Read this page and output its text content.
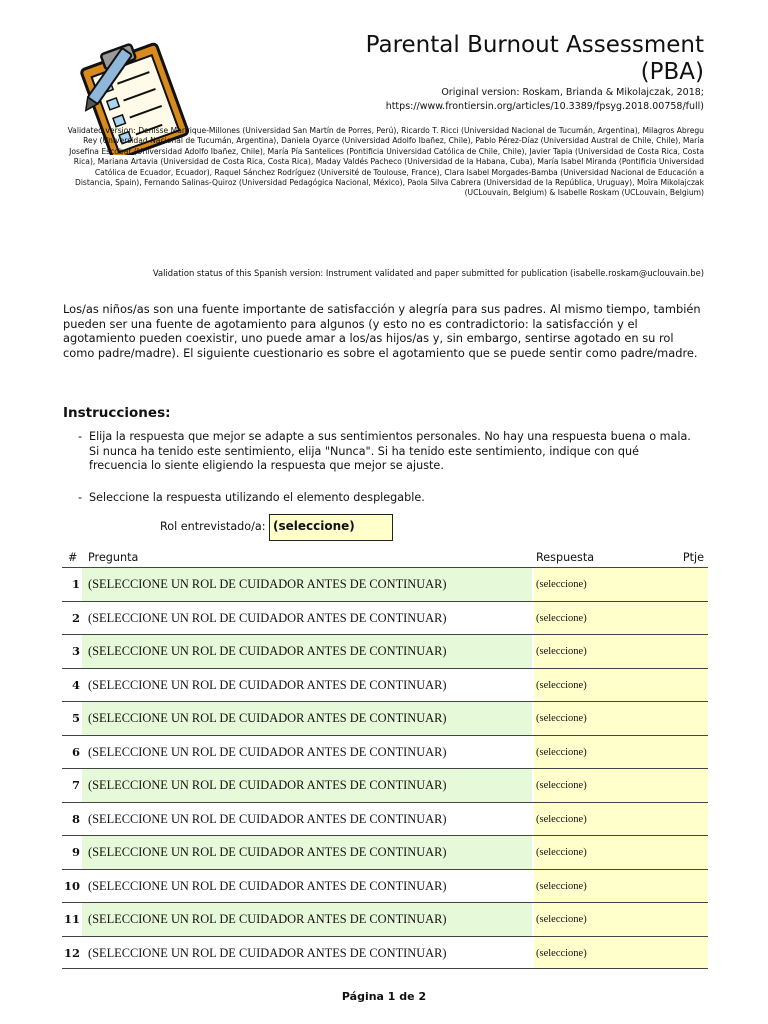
Parental Burnout Assessment
(PBA)
Original version: Roskam, Brianda & Mikolajczak, 2018;
https://www.frontiersin.org/articles/10.3389/fpsyg.2018.00758/full)
Validated version: Denisse Manrique-Millones (Universidad San Martín de Porres, Perú), Ricardo T. Ricci (Universidad Nacional de Tucumán, Argentina), Milagros Abregu Rey (Universidad Nacional de Tucumán, Argentina), Daniela Oyarce (Universidad Adolfo Ibañez, Chile), Pablo Pérez-Díaz (Universidad Austral de Chile, Chile), María Josefina Escobar (Universidad Adolfo Ibañez, Chile), María Pía Santelices (Pontificia Universidad Católica de Chile, Chile), Javier Tapia (Universidad de Costa Rica, Costa Rica), Mariana Artavia (Universidad de Costa Rica, Costa Rica), Maday Valdés Pacheco (Universidad de la Habana, Cuba), María Isabel Miranda (Pontificia Universidad Católica de Ecuador, Ecuador), Raquel Sánchez Rodríguez (Université de Toulouse, France), Clara Isabel Morgades-Bamba (Universidad Nacional de Educación a Distancia, Spain), Fernando Salinas-Quiroz (Universidad Pedagógica Nacional, México), Paola Silva Cabrera (Universidad de la República, Uruguay), Moïra Mikolajczak (UCLouvain, Belgium) & Isabelle Roskam (UCLouvain, Belgium)
Validation status of this Spanish version: Instrument validated and paper submitted for publication (isabelle.roskam@uclouvain.be)
Los/as niños/as son una fuente importante de satisfacción y alegría para sus padres. Al mismo tiempo, también pueden ser una fuente de agotamiento para algunos (y esto no es contradictorio: la satisfacción y el agotamiento pueden coexistir, uno puede amar a los/as hijos/as y, sin embargo, sentirse agotado en su rol como padre/madre). El siguiente cuestionario es sobre el agotamiento que se puede sentir como padre/madre.
Instrucciones:
- Elija la respuesta que mejor se adapte a sus sentimientos personales. No hay una respuesta buena o mala. Si nunca ha tenido este sentimiento, elija "Nunca". Si ha tenido este sentimiento, indique con qué frecuencia lo siente eligiendo la respuesta que mejor se ajuste.
- Seleccione la respuesta utilizando el elemento desplegable.
Rol entrevistado/a: (seleccione)
# Pregunta	Respuesta	Ptje
1 (SELECCIONE UN ROL DE CUIDADOR ANTES DE CONTINUAR)	(seleccione)
2 (SELECCIONE UN ROL DE CUIDADOR ANTES DE CONTINUAR)	(seleccione)
3 (SELECCIONE UN ROL DE CUIDADOR ANTES DE CONTINUAR)	(seleccione)
4 (SELECCIONE UN ROL DE CUIDADOR ANTES DE CONTINUAR)	(seleccione)
5 (SELECCIONE UN ROL DE CUIDADOR ANTES DE CONTINUAR)	(seleccione)
6 (SELECCIONE UN ROL DE CUIDADOR ANTES DE CONTINUAR)	(seleccione)
7 (SELECCIONE UN ROL DE CUIDADOR ANTES DE CONTINUAR)	(seleccione)
8 (SELECCIONE UN ROL DE CUIDADOR ANTES DE CONTINUAR)	(seleccione)
9 (SELECCIONE UN ROL DE CUIDADOR ANTES DE CONTINUAR)	(seleccione)
10 (SELECCIONE UN ROL DE CUIDADOR ANTES DE CONTINUAR)	(seleccione)
11 (SELECCIONE UN ROL DE CUIDADOR ANTES DE CONTINUAR)	(seleccione)
12 (SELECCIONE UN ROL DE CUIDADOR ANTES DE CONTINUAR)	(seleccione)
Página 1 de 2
